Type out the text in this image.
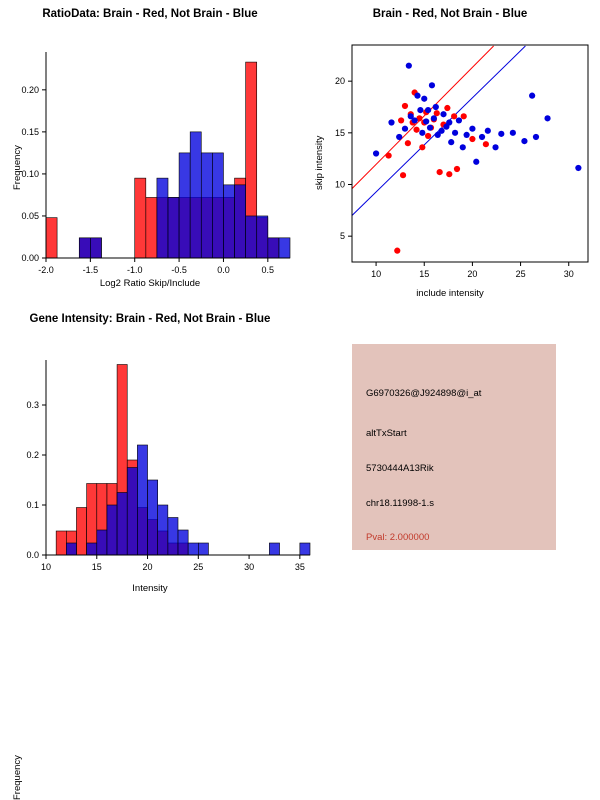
RatioData: Brain - Red, Not Brain - Blue
-2.0	-1.5	-1.0	-0.5	0.0	0.5
0.00
0.05
0.10
0.15
0.20
Log2 Ratio Skip/Include
Frequency
Brain - Red, Not Brain - Blue
10	15	20	25	30
5
10
15
20
include intensity
skip intensity
Gene Intensity: Brain - Red, Not Brain - Blue
10	15	20	25	30	35
0.0
0.1
0.2
0.3
Intensity
Frequency
G6970326@J924898@i_at
altTxStart
5730444A13Rik
chr18.11998-1.s
Pval: 2.000000
